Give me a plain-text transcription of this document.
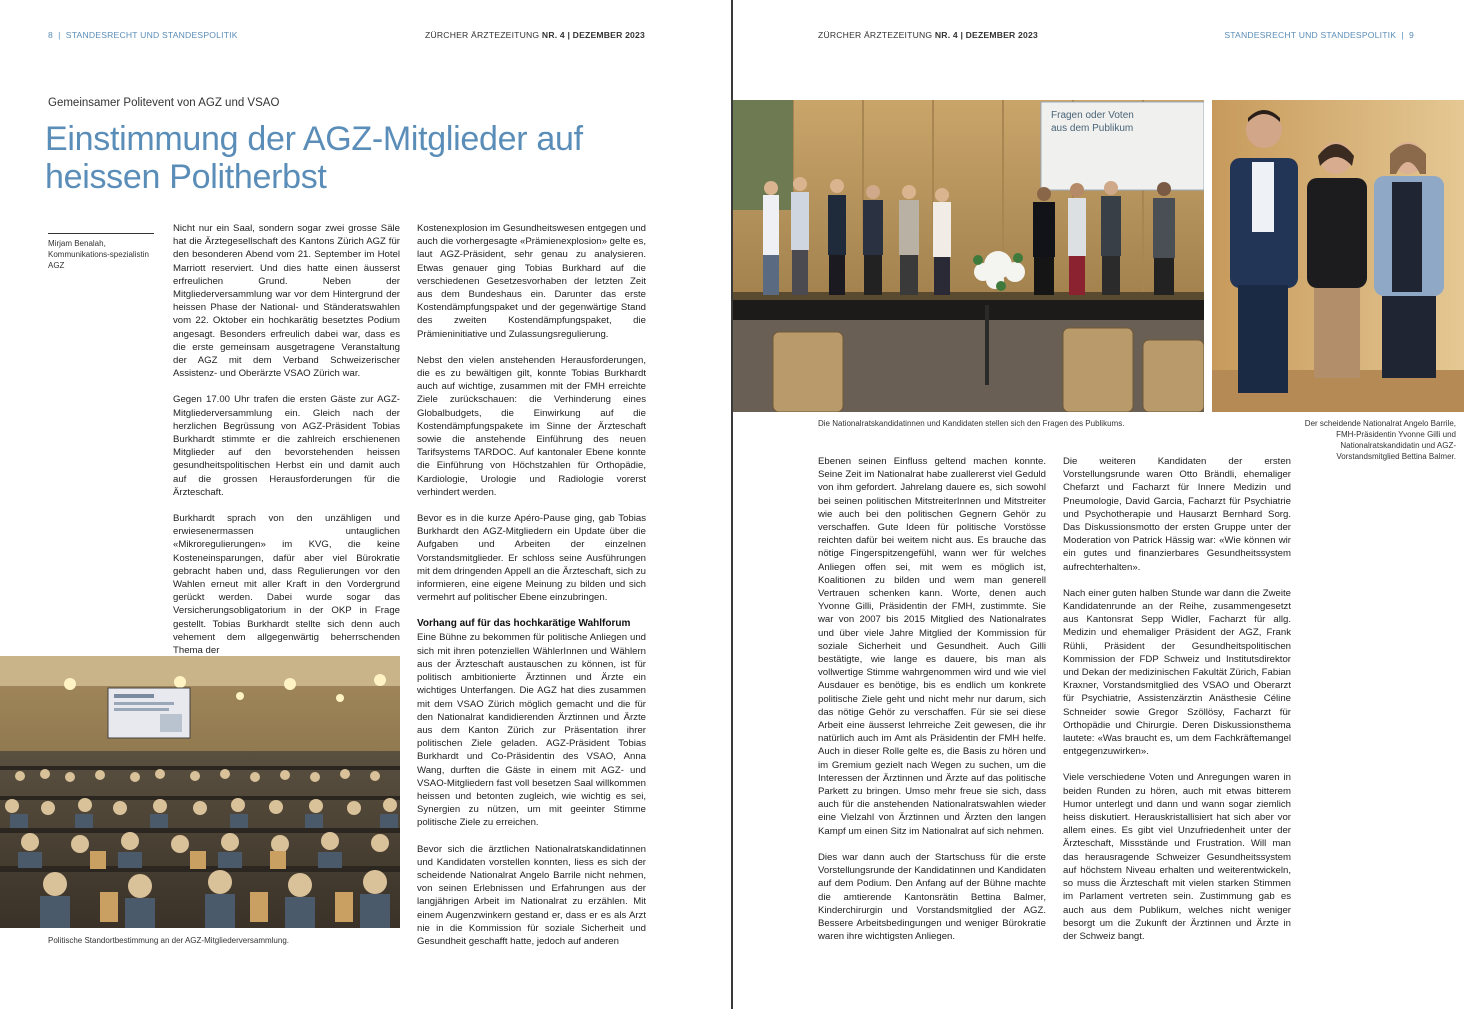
8  |  STANDESRECHT UND STANDESPOLITIK	ZÜRCHER ÄRZTEZEITUNG NR. 4 | DEZEMBER 2023
Gemeinsamer Politevent von AGZ und VSAO
Einstimmung der AGZ-Mitglieder auf heissen Politherbst
Mirjam Benalah, Kommunikations-spezialistin AGZ

Nicht nur ein Saal, sondern sogar zwei grosse Säle hat die Ärztegesellschaft des Kantons Zürich AGZ für den besonderen Abend vom 21. September im Hotel Marriott reserviert. Und dies hatte einen äusserst erfreulichen Grund. Neben der Mitgliederversammlung war vor dem Hintergrund der heissen Phase der National- und Ständeratswahlen vom 22. Oktober ein hochkarätig besetztes Podium angesagt. Besonders erfreulich dabei war, dass es die erste gemeinsam ausgetragene Veranstaltung der AGZ mit dem Verband Schweizerischer Assistenz- und Oberärzte VSAO Zürich war.

Gegen 17.00 Uhr trafen die ersten Gäste zur AGZ-Mitgliederversammlung ein. Gleich nach der herzlichen Begrüssung von AGZ-Präsident Tobias Burkhardt stimmte er die zahlreich erschienenen Mitglieder auf den bevorstehenden heissen gesundheitspolitischen Herbst ein und damit auch auf die grossen Herausforderungen für die Ärzteschaft.

Burkhardt sprach von den unzähligen und erwiesenermassen untauglichen «Mikroregulierungen» im KVG, die keine Kosteneinsparungen, dafür aber viel Bürokratie gebracht haben und, dass Regulierungen vor den Wahlen erneut mit aller Kraft in den Vordergrund gerückt werden. Dabei wurde sogar das Versicherungsobligatorium in der OKP in Frage gestellt. Tobias Burkhardt stellte sich denn auch vehement dem allgegenwärtig beherrschenden Thema der

Kostenexplosion im Gesundheitswesen entgegen und auch die vorhergesagte «Prämienexplosion» gelte es, laut AGZ-Präsident, sehr genau zu analysieren. Etwas genauer ging Tobias Burkhard auf die verschiedenen Gesetzesvorhaben der letzten Zeit aus dem Bundeshaus ein. Darunter das erste Kostendämpfungspaket und der gegenwärtige Stand des zweiten Kostendämpfungspaket, die Prämieninitiative und Zulassungsregulierung.

Nebst den vielen anstehenden Herausforderungen, die es zu bewältigen gilt, konnte Tobias Burkhardt auch auf wichtige, zusammen mit der FMH erreichte Ziele zurückschauen: die Verhinderung eines Globalbudgets, die Einwirkung auf die Kostendämpfungspakete im Sinne der Ärzteschaft sowie die anstehende Einführung des neuen Tarifsystems TARDOC. Auf kantonaler Ebene konnte die Einführung von Höchstzahlen für Orthopädie, Kardiologie, Urologie und Radiologie vorerst verhindert werden.

Bevor es in die kurze Apéro-Pause ging, gab Tobias Burkhardt den AGZ-Mitgliedern ein Update über die Aufgaben und Arbeiten der einzelnen Vorstandsmitglieder. Er schloss seine Ausführungen mit dem dringenden Appell an die Ärzteschaft, sich zu informieren, eine eigene Meinung zu bilden und sich vermehrt auf politischer Ebene einzubringen.

Vorhang auf für das hochkarätige Wahlforum

Eine Bühne zu bekommen für politische Anliegen und sich mit ihren potenziellen WählerInnen und Wählern aus der Ärzteschaft austauschen zu können, ist für politisch ambitionierte Ärztinnen und Ärzte ein wichtiges Unterfangen. Die AGZ hat dies zusammen mit dem VSAO Zürich möglich gemacht und die für den Nationalrat kandidierenden Ärztinnen und Ärzte aus dem Kanton Zürich zur Präsentation ihrer politischen Ziele geladen. AGZ-Präsident Tobias Burkhardt und Co-Präsidentin des VSAO, Anna Wang, durften die Gäste in einem mit AGZ- und VSAO-Mitgliedern fast voll besetzen Saal willkommen heissen und betonten zugleich, wie wichtig es sei, Synergien zu nützen, um mit geeinter Stimme politische Ziele zu erreichen.

Bevor sich die ärztlichen Nationalratskandidatinnen und Kandidaten vorstellen konnten, liess es sich der scheidende Nationalrat Angelo Barrile nicht nehmen, von seinen Erlebnissen und Erfahrungen aus der langjährigen Arbeit im Nationalrat zu erzählen. Mit einem Augenzwinkern gestand er, dass er es als Arzt nie in die Kommission für soziale Sicherheit und Gesundheit geschafft hatte, jedoch auf anderen

Politische Standortbestimmung an der AGZ-Mitgliederversammlung.
ZÜRCHER ÄRZTEZEITUNG NR. 4 | DEZEMBER 2023	STANDESRECHT UND STANDESPOLITIK  |  9
Fragen oder Voten aus dem Publikum
Die Nationalratskandidatinnen und Kandidaten stellen sich den Fragen des Publikums.	Der scheidende Nationalrat Angelo Barrile, FMH-Präsidentin Yvonne Gilli und Nationalratskandidatin und AGZ-Vorstandsmitglied Bettina Balmer.

Ebenen seinen Einfluss geltend machen konnte. Seine Zeit im Nationalrat habe zuallererst viel Geduld von ihm gefordert. Jahrelang dauere es, sich sowohl bei seinen politischen MitstreiterInnen und Mitstreiter wie auch bei den politischen Gegnern Gehör zu verschaffen. Gute Ideen für politische Vorstösse reichten dafür bei weitem nicht aus. Es brauche das nötige Fingerspitzengefühl, wann wer für welches Anliegen offen sei, mit wem es möglich ist, Koalitionen zu bilden und wem man generell Vertrauen schenken kann. Worte, denen auch Yvonne Gilli, Präsidentin der FMH, zustimmte. Sie war von 2007 bis 2015 Mitglied des Nationalrates und über viele Jahre Mitglied der Kommission für soziale Sicherheit und Gesundheit. Auch Gilli bestätigte, wie lange es dauere, bis man als vollwertige Stimme wahrgenommen wird und wie viel Ausdauer es benötige, bis es endlich um konkrete politische Ziele geht und nicht mehr nur darum, sich das nötige Gehör zu verschaffen. Für sie sei diese Arbeit eine äusserst lehrreiche Zeit gewesen, die ihr natürlich auch im Amt als Präsidentin der FMH helfe. Auch in dieser Rolle gelte es, die Basis zu hören und im Gremium gezielt nach Wegen zu suchen, um die Interessen der Ärztinnen und Ärzte auf das politische Parkett zu bringen. Umso mehr freue sie sich, dass auch für die anstehenden Nationalratswahlen wieder eine Vielzahl von Ärztinnen und Ärzten den langen Kampf um einen Sitz im Nationalrat auf sich nehmen.

Dies war dann auch der Startschuss für die erste Vorstellungsrunde der Kandidatinnen und Kandidaten auf dem Podium. Den Anfang auf der Bühne machte die amtierende Kantonsrätin Bettina Balmer, Kinderchirurgin und Vorstandsmitglied der AGZ. Bessere Arbeitsbedingungen und weniger Bürokratie waren ihre wichtigsten Anliegen.

Die weiteren Kandidaten der ersten Vorstellungsrunde waren Otto Brändli, ehemaliger Chefarzt und Facharzt für Innere Medizin und Pneumologie, David Garcia, Facharzt für Psychiatrie und Psychotherapie und Hausarzt Bernhard Sorg. Das Diskussionsmotto der ersten Gruppe unter der Moderation von Patrick Hässig war: «Wie können wir ein gutes und finanzierbares Gesundheitssystem aufrechterhalten».

Nach einer guten halben Stunde war dann die Zweite Kandidatenrunde an der Reihe, zusammengesetzt aus Kantonsrat Sepp Widler, Facharzt für allg. Medizin und ehemaliger Präsident der AGZ, Frank Rühli, Präsident der Gesundheitspolitischen Kommission der FDP Schweiz und Institutsdirektor und Dekan der medizinischen Fakultät Zürich, Fabian Kraxner, Vorstandsmitglied des VSAO und Oberarzt für Psychiatrie, Assistenzärztin Anästhesie Céline Schneider sowie Gregor Szöllösy, Facharzt für Orthopädie und Chirurgie. Deren Diskussionsthema lautete: «Was braucht es, um dem Fachkräftemangel entgegenzuwirken».

Viele verschiedene Voten und Anregungen waren in beiden Runden zu hören, auch mit etwas bitterem Humor unterlegt und dann und wann sogar ziemlich heiss diskutiert. Herauskristallisiert hat sich aber vor allem eines. Es gibt viel Unzufriedenheit unter der Ärzteschaft, Missstände und Frustration. Will man das herausragende Schweizer Gesundheitssystem auf höchstem Niveau erhalten und weiterentwickeln, so muss die Ärzteschaft mit vielen starken Stimmen im Parlament vertreten sein. Zustimmung gab es auch aus dem Publikum, welches nicht weniger besorgt um die Zukunft der Ärztinnen und Ärzte in der Schweiz bangt.
